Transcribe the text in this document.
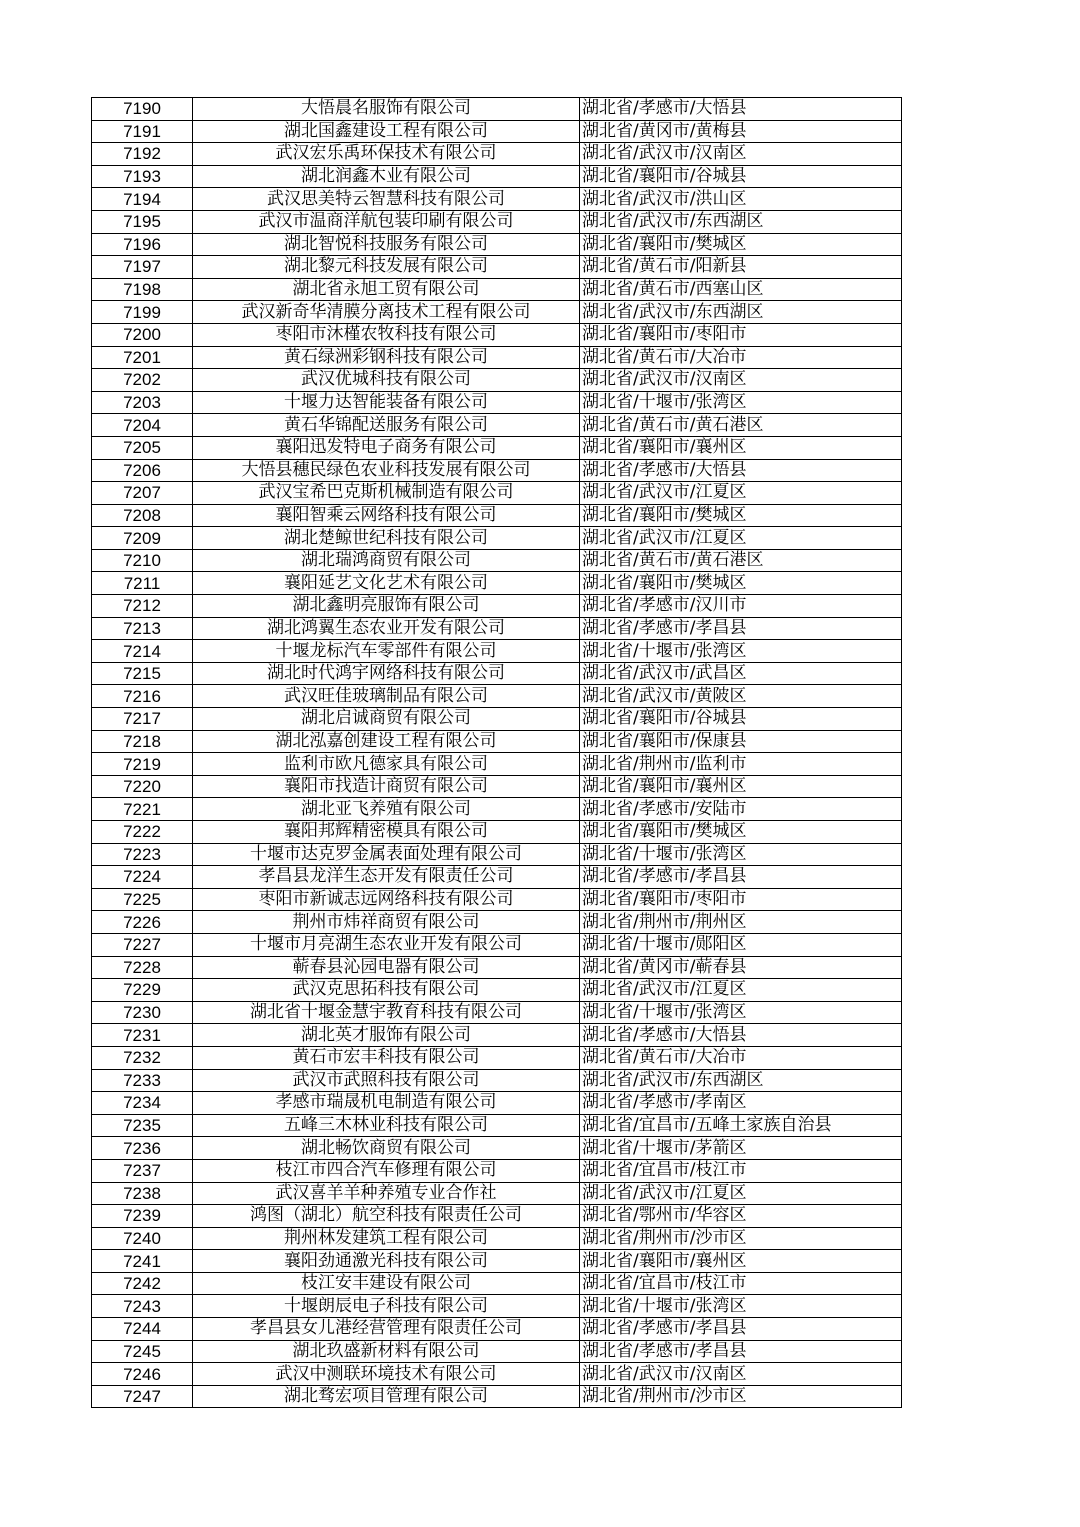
7190	大悟晨名服饰有限公司	湖北省/孝感市/大悟县
7191	湖北国鑫建设工程有限公司	湖北省/黄冈市/黄梅县
7192	武汉宏乐禹环保技术有限公司	湖北省/武汉市/汉南区
7193	湖北润鑫木业有限公司	湖北省/襄阳市/谷城县
7194	武汉思美特云智慧科技有限公司	湖北省/武汉市/洪山区
7195	武汉市温商洋航包装印刷有限公司	湖北省/武汉市/东西湖区
7196	湖北智悦科技服务有限公司	湖北省/襄阳市/樊城区
7197	湖北黎元科技发展有限公司	湖北省/黄石市/阳新县
7198	湖北省永旭工贸有限公司	湖北省/黄石市/西塞山区
7199	武汉新奇华清膜分离技术工程有限公司	湖北省/武汉市/东西湖区
7200	枣阳市沐槿农牧科技有限公司	湖北省/襄阳市/枣阳市
7201	黄石绿洲彩钢科技有限公司	湖北省/黄石市/大冶市
7202	武汉优城科技有限公司	湖北省/武汉市/汉南区
7203	十堰力达智能装备有限公司	湖北省/十堰市/张湾区
7204	黄石华锦配送服务有限公司	湖北省/黄石市/黄石港区
7205	襄阳迅发特电子商务有限公司	湖北省/襄阳市/襄州区
7206	大悟县穗民绿色农业科技发展有限公司	湖北省/孝感市/大悟县
7207	武汉宝希巴克斯机械制造有限公司	湖北省/武汉市/江夏区
7208	襄阳智乘云网络科技有限公司	湖北省/襄阳市/樊城区
7209	湖北楚鲸世纪科技有限公司	湖北省/武汉市/江夏区
7210	湖北瑞鸿商贸有限公司	湖北省/黄石市/黄石港区
7211	襄阳延艺文化艺术有限公司	湖北省/襄阳市/樊城区
7212	湖北鑫明亮服饰有限公司	湖北省/孝感市/汉川市
7213	湖北鸿翼生态农业开发有限公司	湖北省/孝感市/孝昌县
7214	十堰龙标汽车零部件有限公司	湖北省/十堰市/张湾区
7215	湖北时代鸿宇网络科技有限公司	湖北省/武汉市/武昌区
7216	武汉旺佳玻璃制品有限公司	湖北省/武汉市/黄陂区
7217	湖北启诚商贸有限公司	湖北省/襄阳市/谷城县
7218	湖北泓嘉创建设工程有限公司	湖北省/襄阳市/保康县
7219	监利市欧凡德家具有限公司	湖北省/荆州市/监利市
7220	襄阳市找造计商贸有限公司	湖北省/襄阳市/襄州区
7221	湖北亚飞养殖有限公司	湖北省/孝感市/安陆市
7222	襄阳邦辉精密模具有限公司	湖北省/襄阳市/樊城区
7223	十堰市达克罗金属表面处理有限公司	湖北省/十堰市/张湾区
7224	孝昌县龙洋生态开发有限责任公司	湖北省/孝感市/孝昌县
7225	枣阳市新诚志远网络科技有限公司	湖北省/襄阳市/枣阳市
7226	荆州市炜祥商贸有限公司	湖北省/荆州市/荆州区
7227	十堰市月亮湖生态农业开发有限公司	湖北省/十堰市/郧阳区
7228	蕲春县沁园电器有限公司	湖北省/黄冈市/蕲春县
7229	武汉克思拓科技有限公司	湖北省/武汉市/江夏区
7230	湖北省十堰金慧宇教育科技有限公司	湖北省/十堰市/张湾区
7231	湖北英才服饰有限公司	湖北省/孝感市/大悟县
7232	黄石市宏丰科技有限公司	湖北省/黄石市/大冶市
7233	武汉市武照科技有限公司	湖北省/武汉市/东西湖区
7234	孝感市瑞晟机电制造有限公司	湖北省/孝感市/孝南区
7235	五峰三木林业科技有限公司	湖北省/宜昌市/五峰土家族自治县
7236	湖北畅饮商贸有限公司	湖北省/十堰市/茅箭区
7237	枝江市四合汽车修理有限公司	湖北省/宜昌市/枝江市
7238	武汉喜羊羊种养殖专业合作社	湖北省/武汉市/江夏区
7239	鸿图（湖北）航空科技有限责任公司	湖北省/鄂州市/华容区
7240	荆州林发建筑工程有限公司	湖北省/荆州市/沙市区
7241	襄阳劲通激光科技有限公司	湖北省/襄阳市/襄州区
7242	枝江安丰建设有限公司	湖北省/宜昌市/枝江市
7243	十堰朗辰电子科技有限公司	湖北省/十堰市/张湾区
7244	孝昌县女儿港经营管理有限责任公司	湖北省/孝感市/孝昌县
7245	湖北玖盛新材料有限公司	湖北省/孝感市/孝昌县
7246	武汉中测联环境技术有限公司	湖北省/武汉市/汉南区
7247	湖北骛宏项目管理有限公司	湖北省/荆州市/沙市区
